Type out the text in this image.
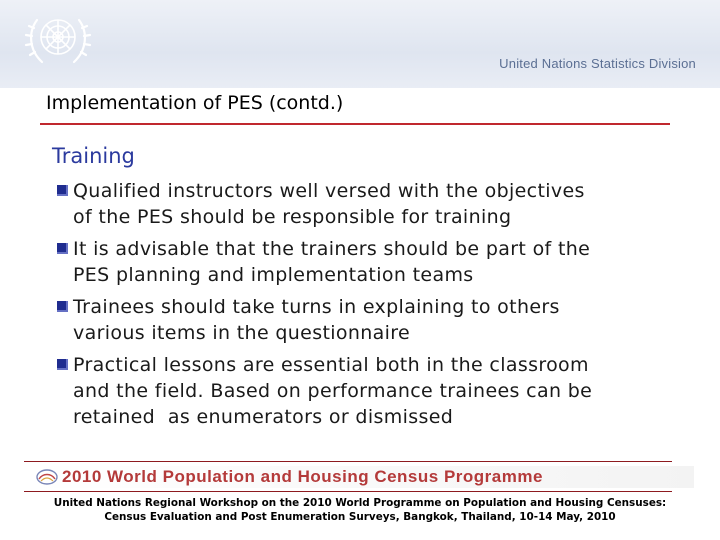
United Nations Statistics Division
Implementation of PES (contd.)
Training
Qualified instructors well versed with the objectives
of the PES should be responsible for training
It is advisable that the trainers should be part of the
PES planning and implementation teams
Trainees should take turns in explaining to others
various items in the questionnaire
Practical lessons are essential both in the classroom
and the field. Based on performance trainees can be
retained  as enumerators or dismissed
2010 World Population and Housing Census Programme
United Nations Regional Workshop on the 2010 World Programme on Population and Housing Censuses:
Census Evaluation and Post Enumeration Surveys, Bangkok, Thailand, 10-14 May, 2010
